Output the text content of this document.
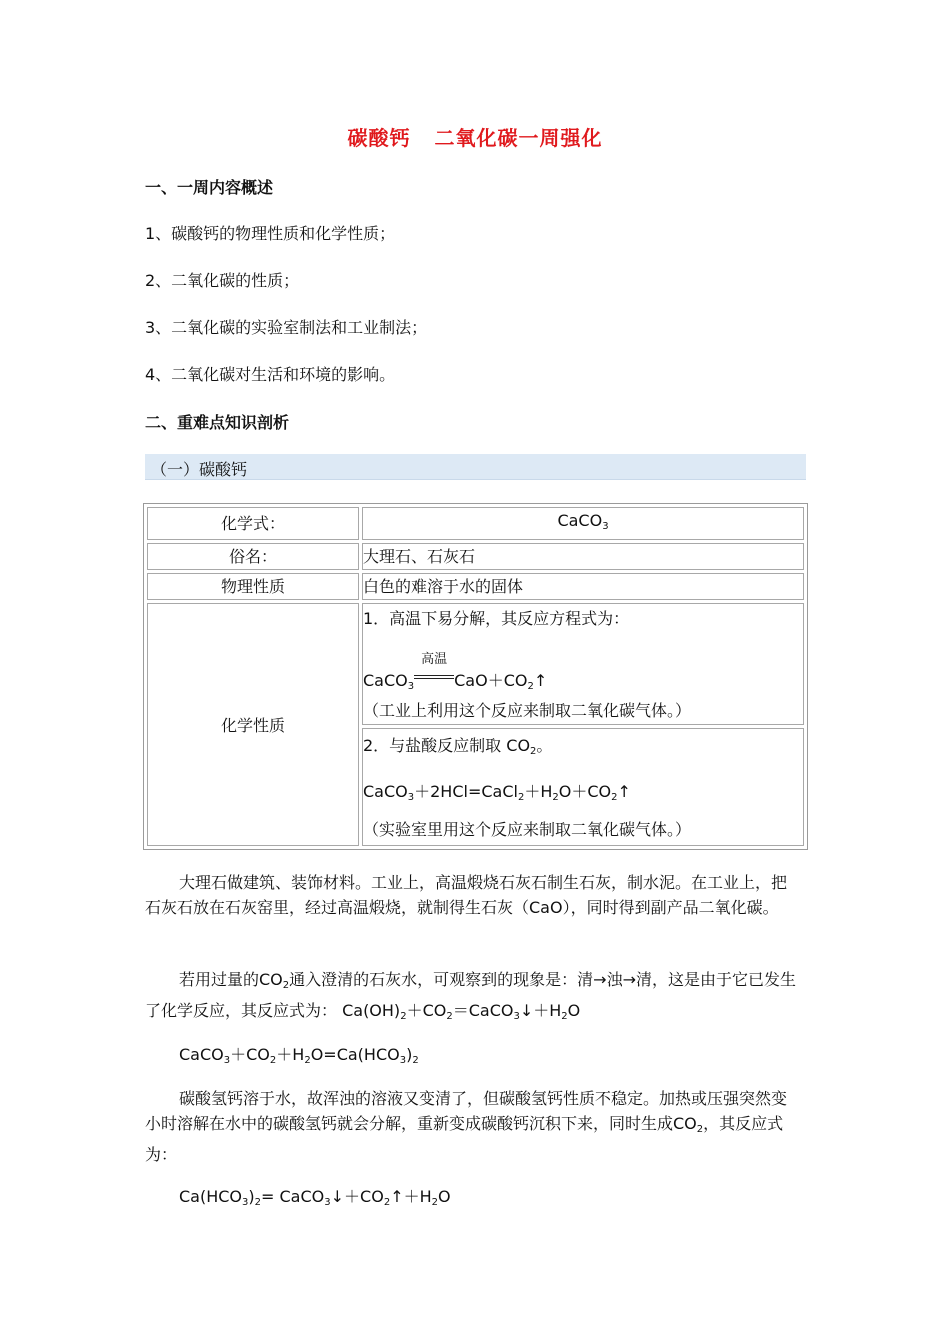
碳酸钙 二氧化碳一周强化
一、一周内容概述
1、碳酸钙的物理性质和化学性质；
2、二氧化碳的性质；
3、二氧化碳的实验室制法和工业制法；
4、二氧化碳对生活和环境的影响。
二、重难点知识剖析
（一）碳酸钙
化学式：	CaCO$_3$
俗名：	大理石、石灰石
物理性质	白色的难溶于水的固体
化学性质	1．高温下易分解，其反应方程式为：
CaCO$_3$
高温
$CaO+CO_2↑$
（工业上利用这个反应来制取二氧化碳气体。）

	2．与盐酸反应制取 $CO_2$。
$CaCO_3+2HCl=CaCl_2+H_2O+CO_2↑$
（实验室里用这个反应来制取二氧化碳气体。）
大理石做建筑、装饰材料。工业上，高温煅烧石灰石制生石灰，制水泥。在工业上，把石灰石放在石灰窑里，经过高温煅烧，就制得生石灰（CaO），同时得到副产品二氧化碳。
若用过量的$CO_2$通入澄清的石灰水，可观察到的现象是：清→浊→清，这是由于它已发生了化学反应，其反应式为： $Ca(OH)_2+CO_2=CaCO_3↓+H_2O$
$CaCO_3+CO_2+H_2O=Ca(HCO_3)_2$
碳酸氢钙溶于水，故浑浊的溶液又变清了，但碳酸氢钙性质不稳定。加热或压强突然变小时溶解在水中的碳酸氢钙就会分解，重新变成碳酸钙沉积下来，同时生成$CO_2$，其反应式为：
$Ca(HCO_3)_2=$ $CaCO_3↓+CO_2↑+H_2O$
